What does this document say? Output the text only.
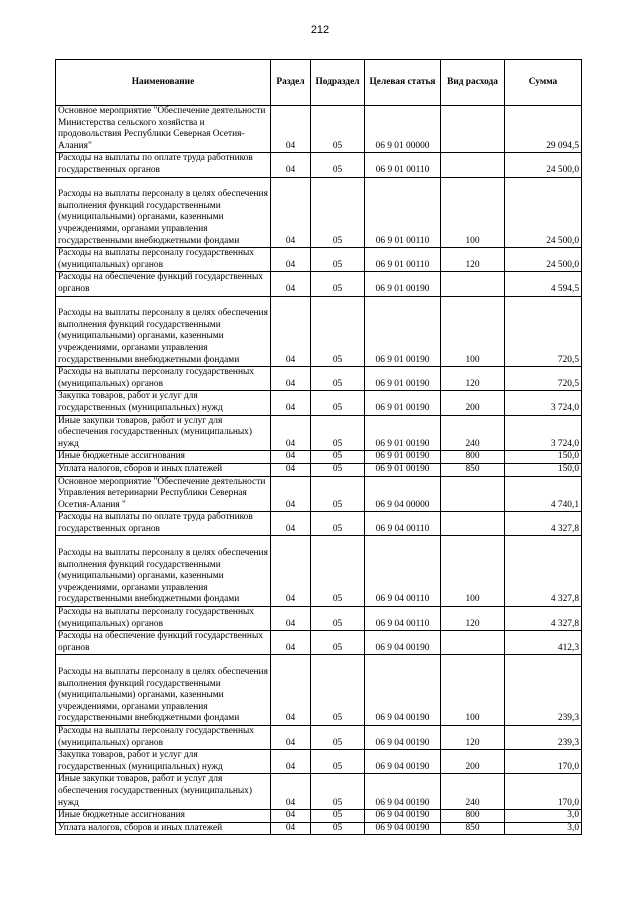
212
Наименование	Раздел	Подраздел	Целевая статья	Вид расхода	Сумма
Основное мероприятие "Обеспечение деятельности Министерства сельского хозяйства и продовольствия Республики Северная Осетия-Алания"	04	05	06 9 01 00000		29 094,5
Расходы на выплаты по оплате труда работников государственных органов	04	05	06 9 01 00110		24 500,0
Расходы на выплаты персоналу в целях обеспечения выполнения функций государственными (муниципальными) органами, казенными учреждениями, органами управления государственными внебюджетными фондами	04	05	06 9 01 00110	100	24 500,0
Расходы на выплаты персоналу государственных (муниципальных) органов	04	05	06 9 01 00110	120	24 500,0
Расходы на обеспечение функций государственных органов	04	05	06 9 01 00190		4 594,5
Расходы на выплаты персоналу в целях обеспечения выполнения функций государственными (муниципальными) органами, казенными учреждениями, органами управления государственными внебюджетными фондами	04	05	06 9 01 00190	100	720,5
Расходы на выплаты персоналу государственных (муниципальных) органов	04	05	06 9 01 00190	120	720,5
Закупка товаров, работ и услуг для государственных (муниципальных) нужд	04	05	06 9 01 00190	200	3 724,0
Иные закупки товаров, работ и услуг для обеспечения государственных (муниципальных) нужд	04	05	06 9 01 00190	240	3 724,0
Иные бюджетные ассигнования	04	05	06 9 01 00190	800	150,0
Уплата налогов, сборов и иных платежей	04	05	06 9 01 00190	850	150,0
Основное мероприятие "Обеспечение деятельности Управления ветеринарии Республики Северная Осетия-Алания "	04	05	06 9 04 00000		4 740,1
Расходы на выплаты по оплате труда работников государственных органов	04	05	06 9 04 00110		4 327,8
Расходы на выплаты персоналу в целях обеспечения выполнения функций государственными (муниципальными) органами, казенными учреждениями, органами управления государственными внебюджетными фондами	04	05	06 9 04 00110	100	4 327,8
Расходы на выплаты персоналу государственных (муниципальных) органов	04	05	06 9 04 00110	120	4 327,8
Расходы на обеспечение функций государственных органов	04	05	06 9 04 00190		412,3
Расходы на выплаты персоналу в целях обеспечения выполнения функций государственными (муниципальными) органами, казенными учреждениями, органами управления государственными внебюджетными фондами	04	05	06 9 04 00190	100	239,3
Расходы на выплаты персоналу государственных (муниципальных) органов	04	05	06 9 04 00190	120	239,3
Закупка товаров, работ и услуг для государственных (муниципальных) нужд	04	05	06 9 04 00190	200	170,0
Иные закупки товаров, работ и услуг для обеспечения государственных (муниципальных) нужд	04	05	06 9 04 00190	240	170,0
Иные бюджетные ассигнования	04	05	06 9 04 00190	800	3,0
Уплата налогов, сборов и иных платежей	04	05	06 9 04 00190	850	3,0
